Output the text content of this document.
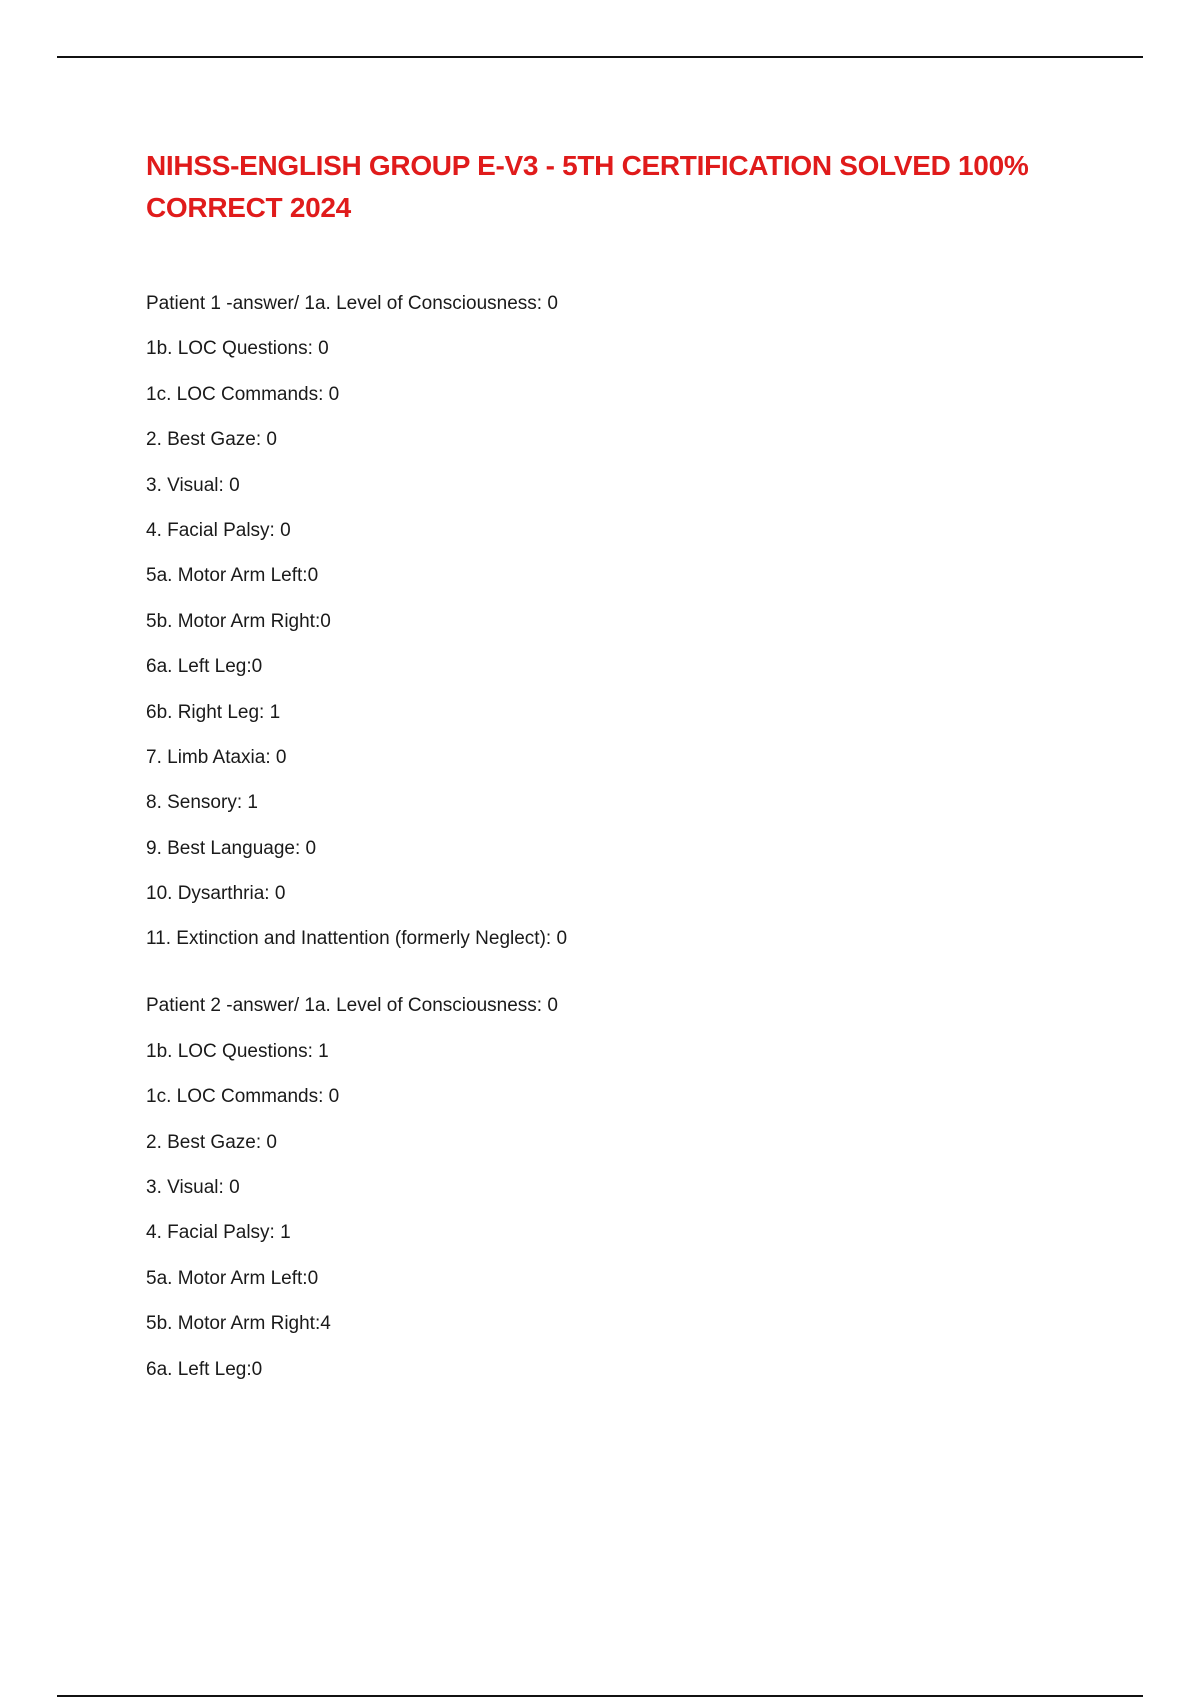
NIHSS-ENGLISH GROUP E-V3 - 5TH CERTIFICATION SOLVED 100% CORRECT 2024
Patient 1 -answer/ 1a. Level of Consciousness: 0
1b. LOC Questions: 0
1c. LOC Commands: 0
2. Best Gaze: 0
3. Visual: 0
4. Facial Palsy: 0
5a. Motor Arm Left:0
5b. Motor Arm Right:0
6a. Left Leg:0
6b. Right Leg: 1
7. Limb Ataxia: 0
8. Sensory: 1
9. Best Language: 0
10. Dysarthria: 0
11. Extinction and Inattention (formerly Neglect): 0
Patient 2 -answer/ 1a. Level of Consciousness: 0
1b. LOC Questions: 1
1c. LOC Commands: 0
2. Best Gaze: 0
3. Visual: 0
4. Facial Palsy: 1
5a. Motor Arm Left:0
5b. Motor Arm Right:4
6a. Left Leg:0
